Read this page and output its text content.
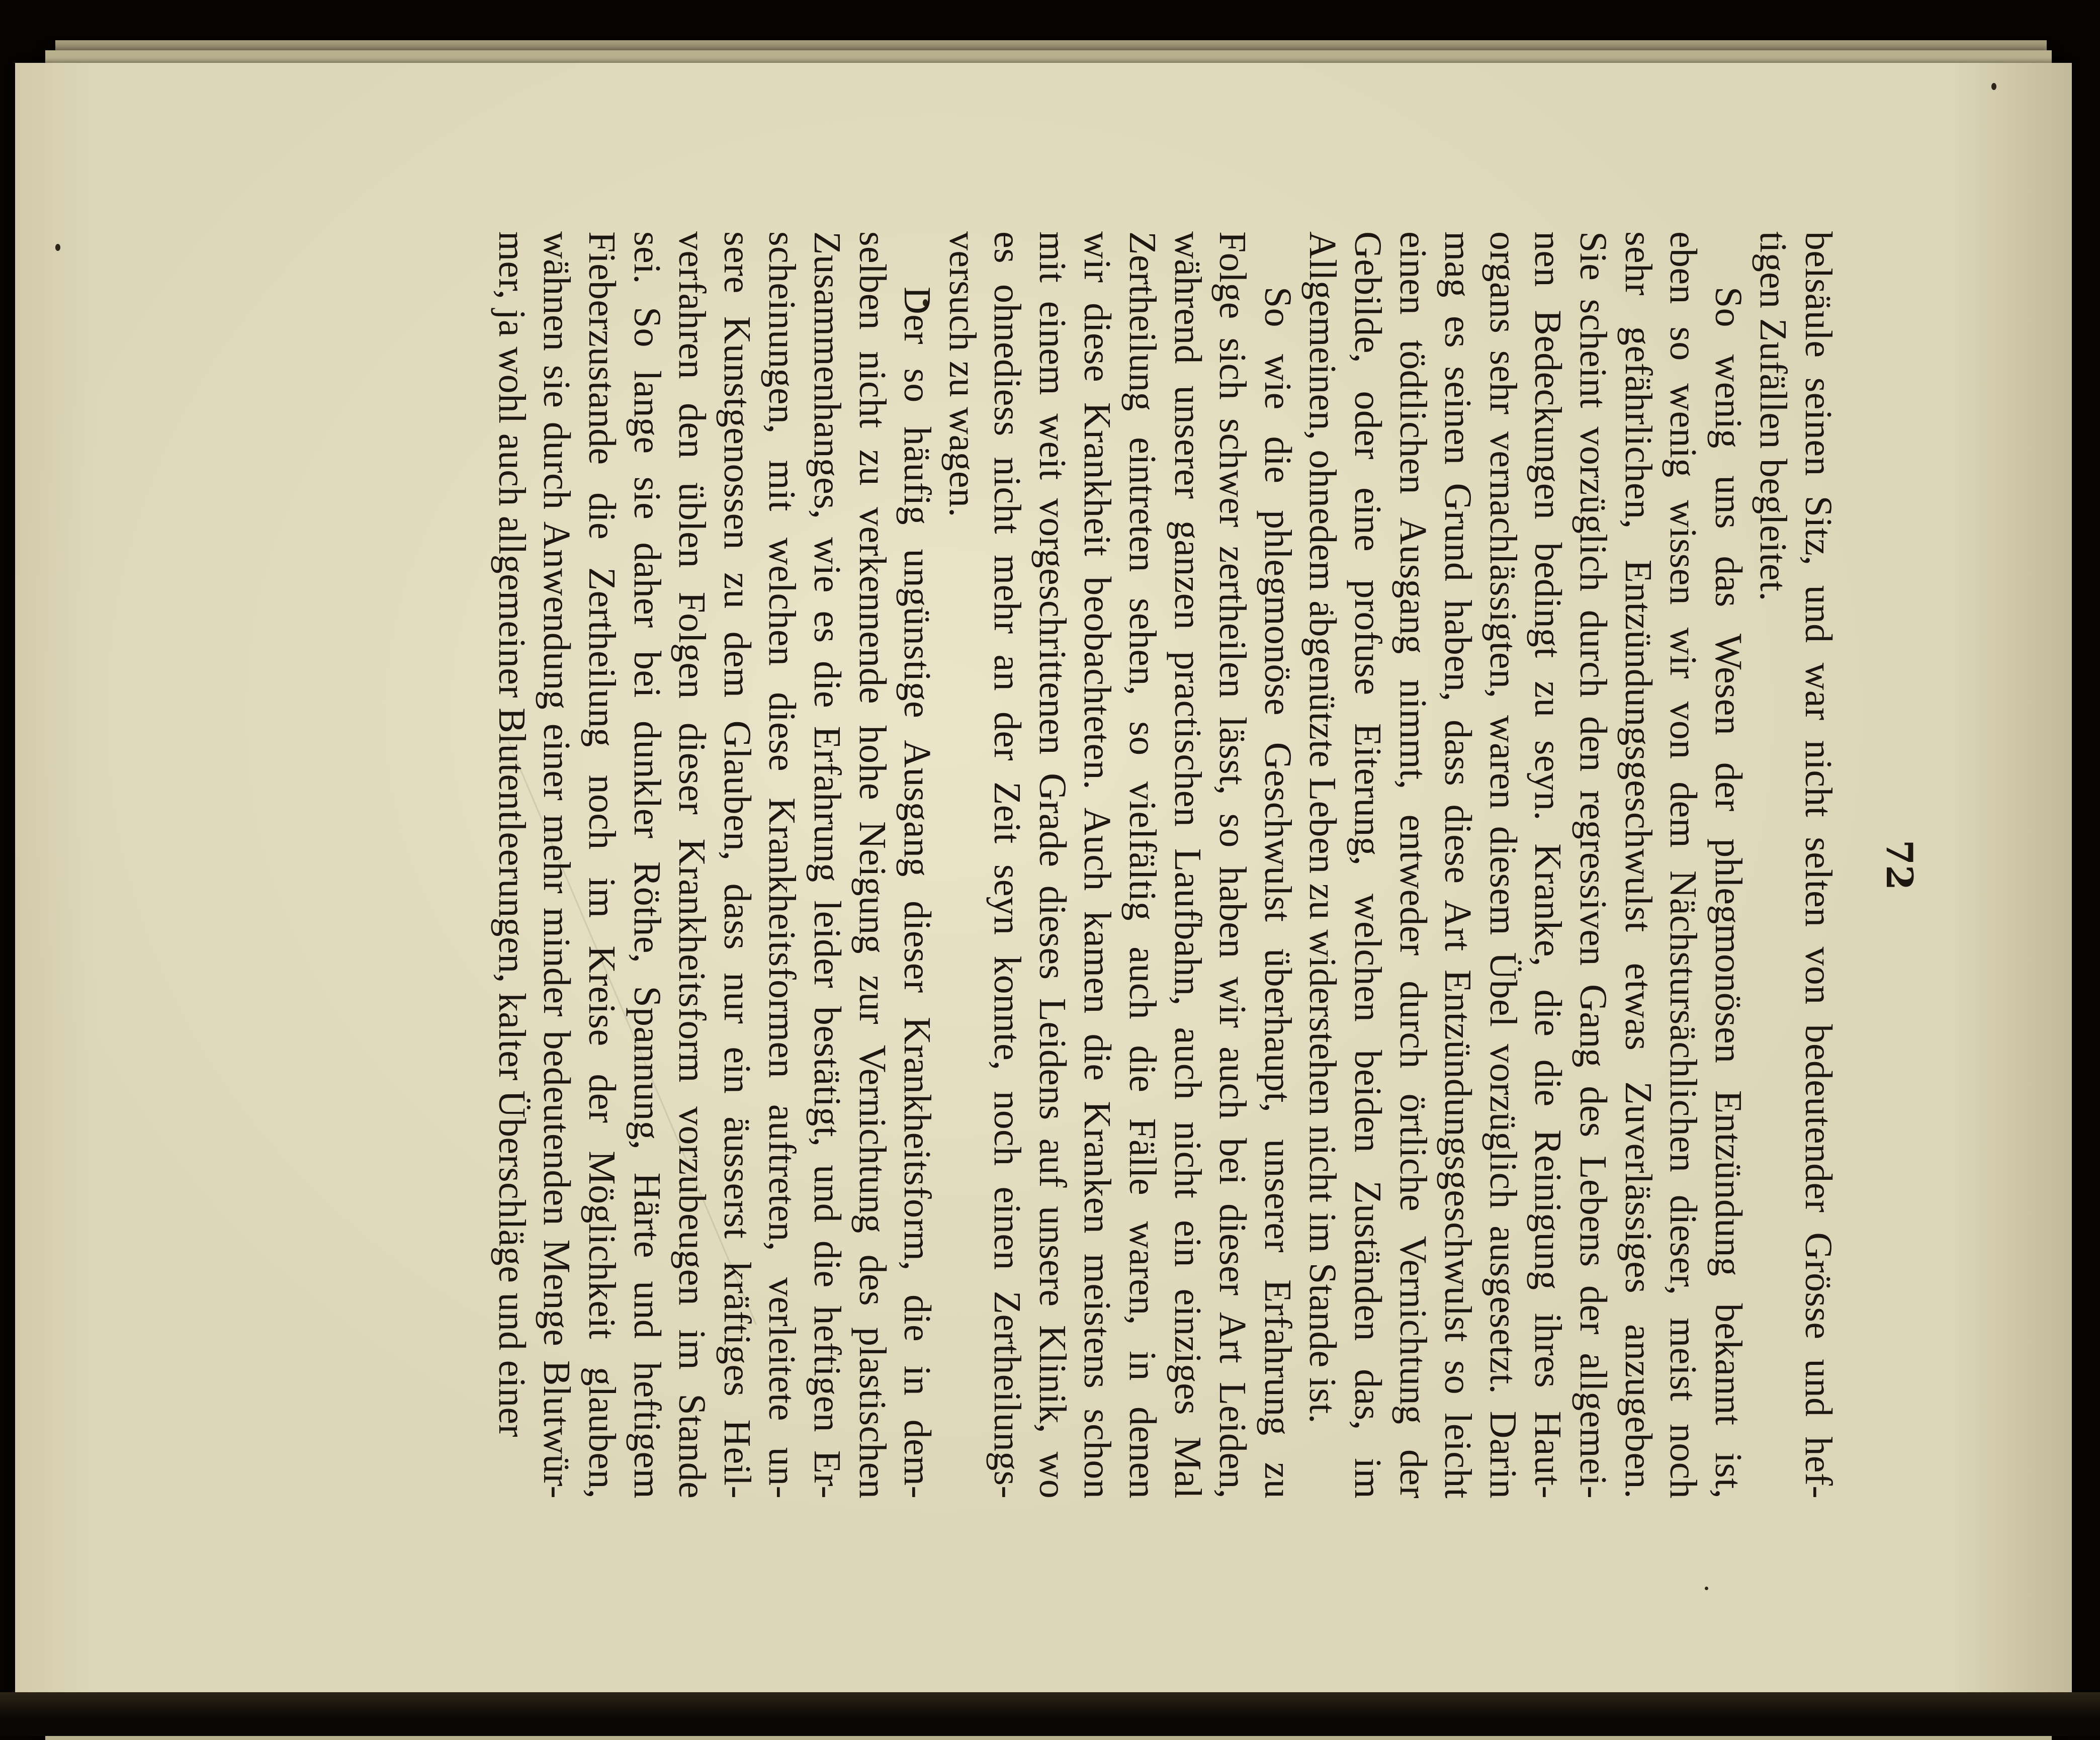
72
belsäule seinen Sitz, und war nicht selten von bedeutender Grösse und hef-
tigen Zufällen begleitet.
So wenig uns das Wesen der phlegmonösen Entzündung bekannt ist,
eben so wenig wissen wir von dem Nächstursächlichen dieser, meist noch
sehr gefährlichen, Entzündungsgeschwulst etwas Zuverlässiges anzugeben.
Sie scheint vorzüglich durch den regressiven Gang des Lebens der allgemei-
nen Bedeckungen bedingt zu seyn. Kranke, die die Reinigung ihres Haut-
organs sehr vernachlässigten, waren diesem Übel vorzüglich ausgesetzt. Darin
mag es seinen Grund haben, dass diese Art Entzündungsgeschwulst so leicht
einen tödtlichen Ausgang nimmt, entweder durch örtliche Vernichtung der
Gebilde, oder eine profuse Eiterung, welchen beiden Zuständen das, im
Allgemeinen, ohnedem abgenützte Leben zu widerstehen nicht im Stande ist.
So wie die phlegmonöse Geschwulst überhaupt, unserer Erfahrung zu
Folge sich schwer zertheilen lässt, so haben wir auch bei dieser Art Leiden,
während unserer ganzen practischen Laufbahn, auch nicht ein einziges Mal
Zertheilung eintreten sehen, so vielfältig auch die Fälle waren, in denen
wir diese Krankheit beobachteten. Auch kamen die Kranken meistens schon
mit einem weit vorgeschrittenen Grade dieses Leidens auf unsere Klinik, wo
es ohnediess nicht mehr an der Zeit seyn konnte, noch einen Zertheilungs-
versuch zu wagen.
Der so häufig ungünstige Ausgang dieser Krankheitsform, die in dem-
selben nicht zu verkennende hohe Neigung zur Vernichtung des plastischen
Zusammenhanges, wie es die Erfahrung leider bestätigt, und die heftigen Er-
scheinungen, mit welchen diese Krankheitsformen auftreten, verleitete un-
sere Kunstgenossen zu dem Glauben, dass nur ein äusserst kräftiges Heil-
verfahren den üblen Folgen dieser Krankheitsform vorzubeugen im Stande
sei. So lange sie daher bei dunkler Röthe, Spannung, Härte und heftigem
Fieberzustande die Zertheilung noch im Kreise der Möglichkeit glauben,
wähnen sie durch Anwendung einer mehr minder bedeutenden Menge Blutwür-
mer, ja wohl auch allgemeiner Blutentleerungen, kalter Überschläge und einer
